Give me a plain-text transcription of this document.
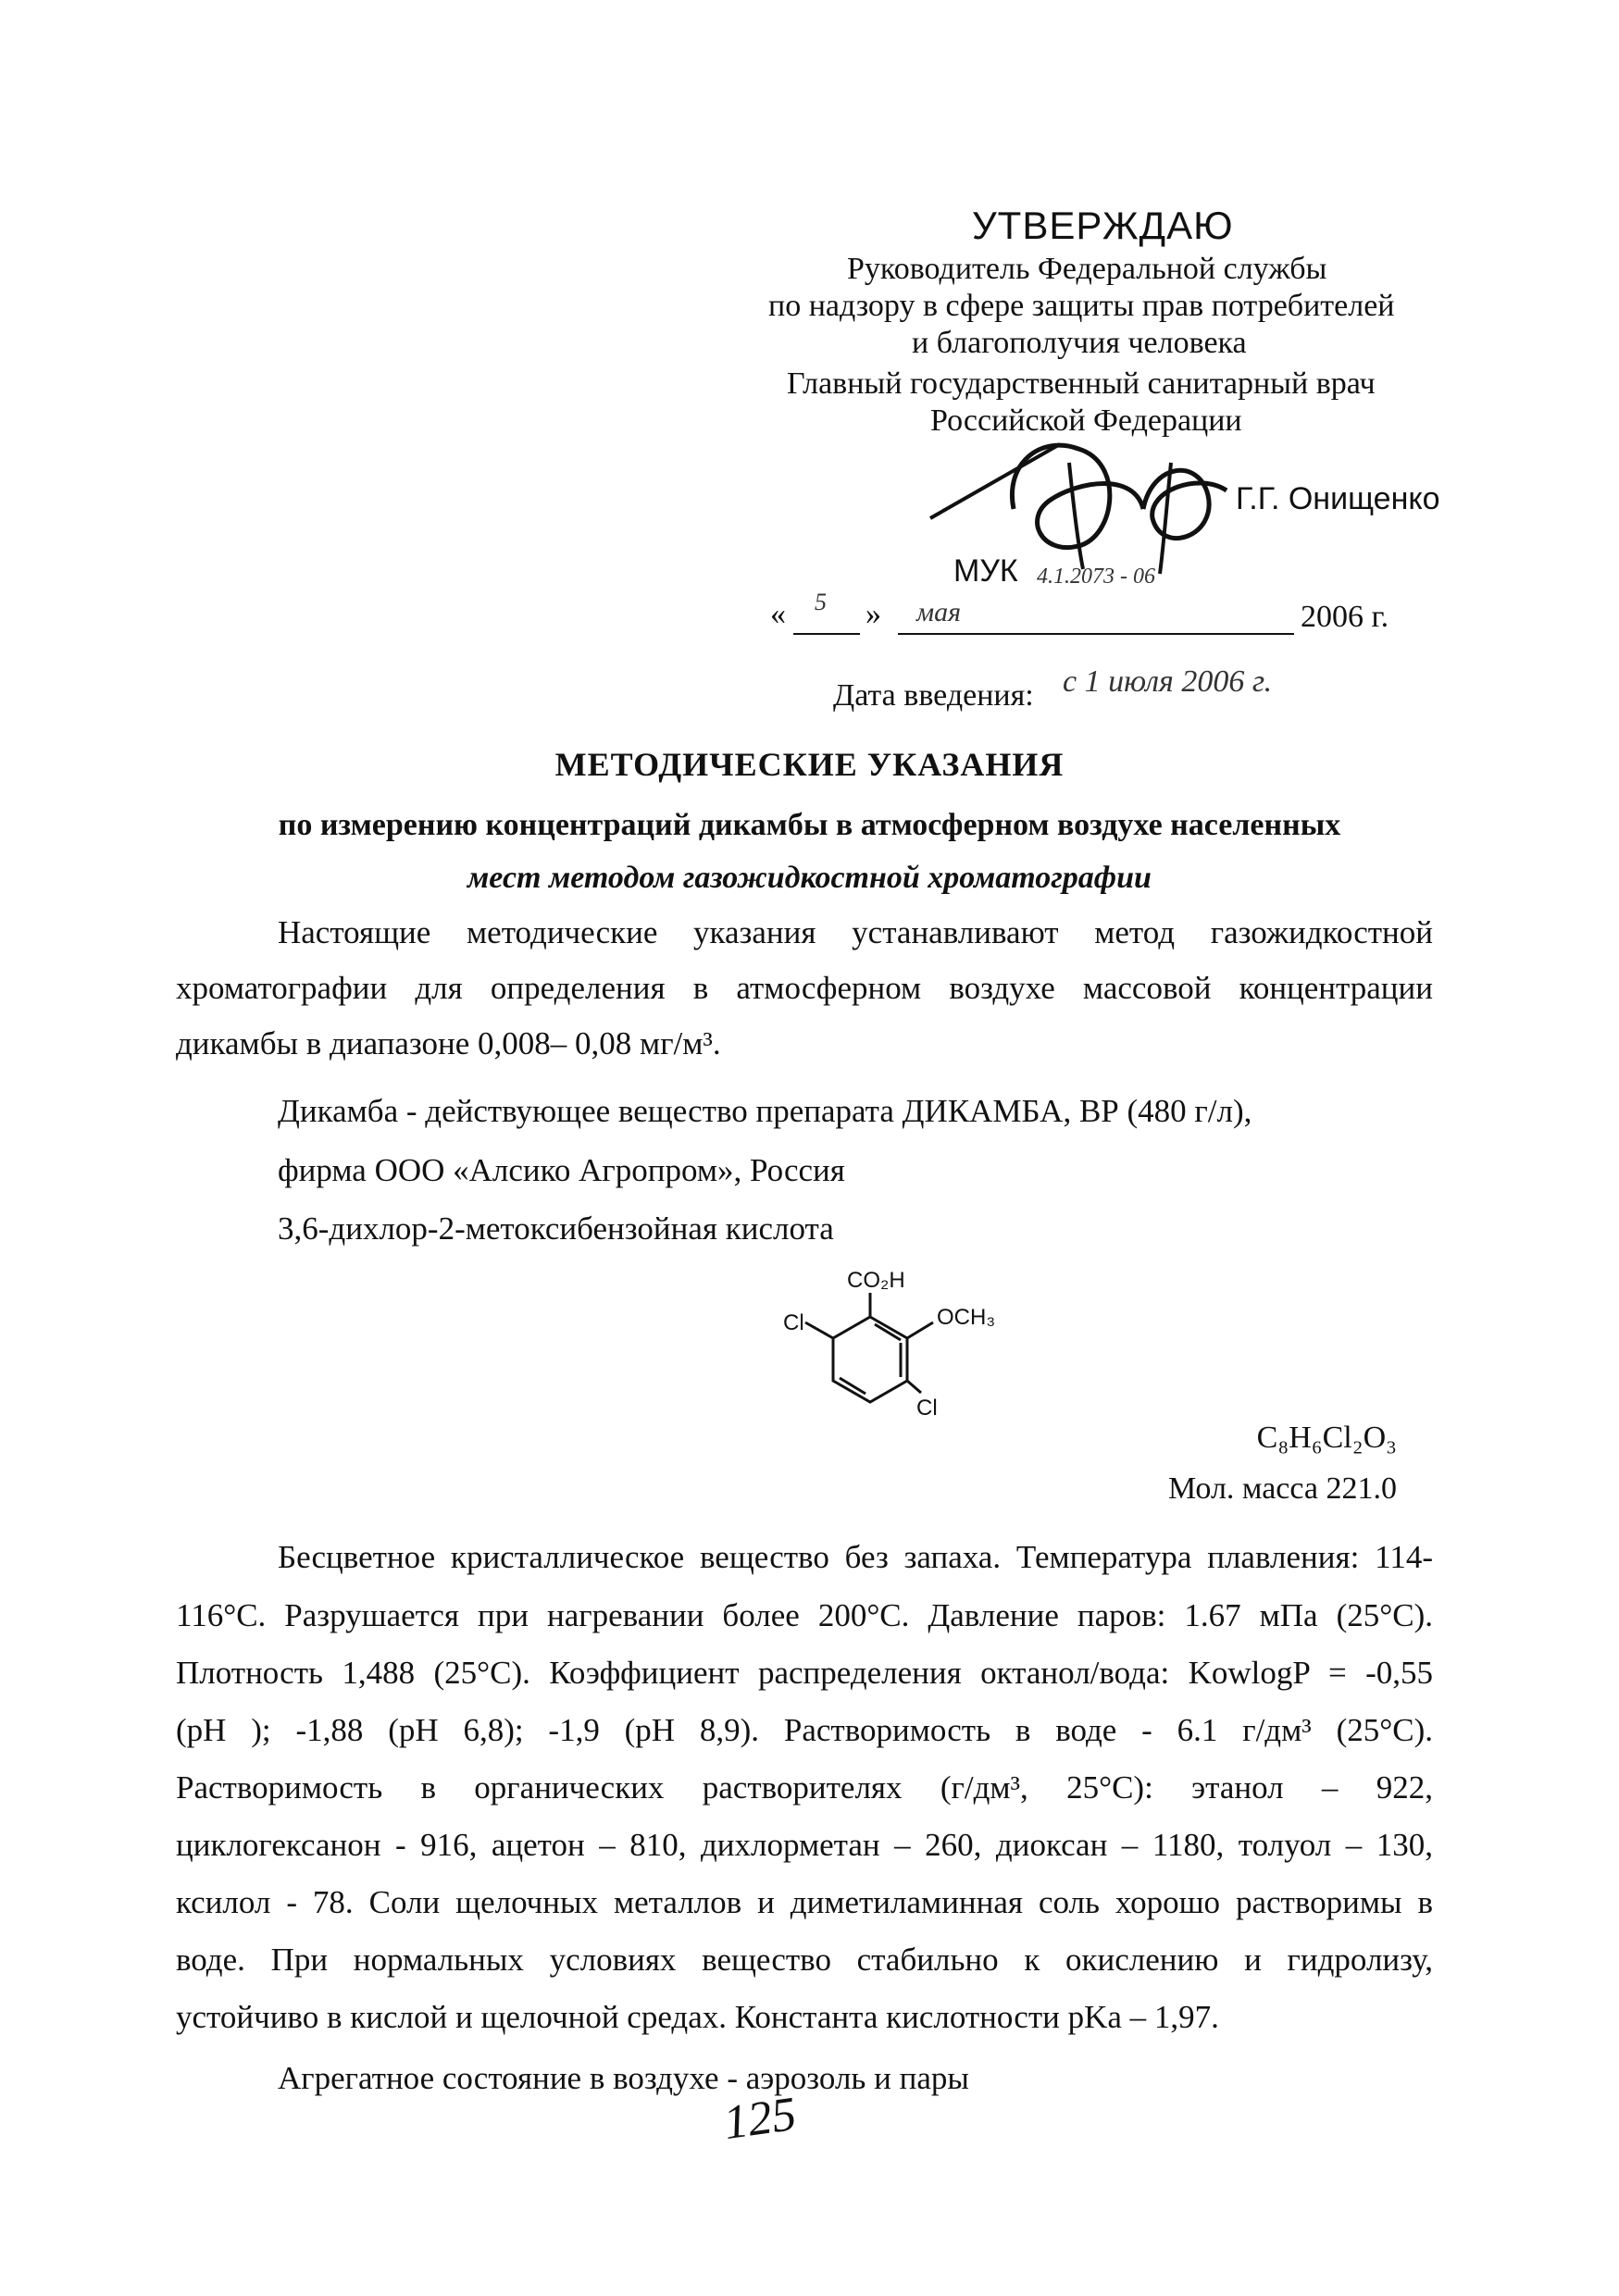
УТВЕРЖДАЮ
Руководитель Федеральной службы
по надзору в сфере защиты прав потребителей
и благополучия человека
Главный государственный санитарный врач
Российской Федерации
Г.Г. Онищенко
МУК 4.1.2073 - 06
« 5 » мая	2006 г.
Дата введения: с 1 июля 2006 г.
МЕТОДИЧЕСКИЕ УКАЗАНИЯ
по измерению концентраций дикамбы в атмосферном воздухе населенных
мест методом газожидкостной хроматографии
Настоящие методические указания устанавливают метод газожидкостной
хроматографии для определения в атмосферном воздухе массовой концентрации
дикамбы в диапазоне 0,008– 0,08 мг/м³.
Дикамба - действующее вещество препарата ДИКАМБА, ВР (480 г/л),
фирма ООО «Алсико Агропром», Россия
3,6-дихлор-2-метоксибензойная кислота
CO₂H
OCH₃
Cl
Cl
C₈H₆Cl₂O₃
Мол. масса 221.0
Бесцветное кристаллическое вещество без запаха. Температура плавления: 114-
116°C. Разрушается при нагревании более 200°C. Давление паров: 1.67 мПа (25°C).
Плотность 1,488 (25°C). Коэффициент распределения октанол/вода: KowlogP = -0,55
(pH ); -1,88 (pH 6,8); -1,9 (pH 8,9). Растворимость в воде - 6.1 г/дм³ (25°C).
Растворимость в органических растворителях (г/дм³, 25°C): этанол – 922,
циклогексанон - 916, ацетон – 810, дихлорметан – 260, диоксан – 1180, толуол – 130,
ксилол - 78. Соли щелочных металлов и диметиламинная соль хорошо растворимы в
воде. При нормальных условиях вещество стабильно к окислению и гидролизу,
устойчиво в кислой и щелочной средах. Константа кислотности pKa – 1,97.
Агрегатное состояние в воздухе - аэрозоль и пары
125
